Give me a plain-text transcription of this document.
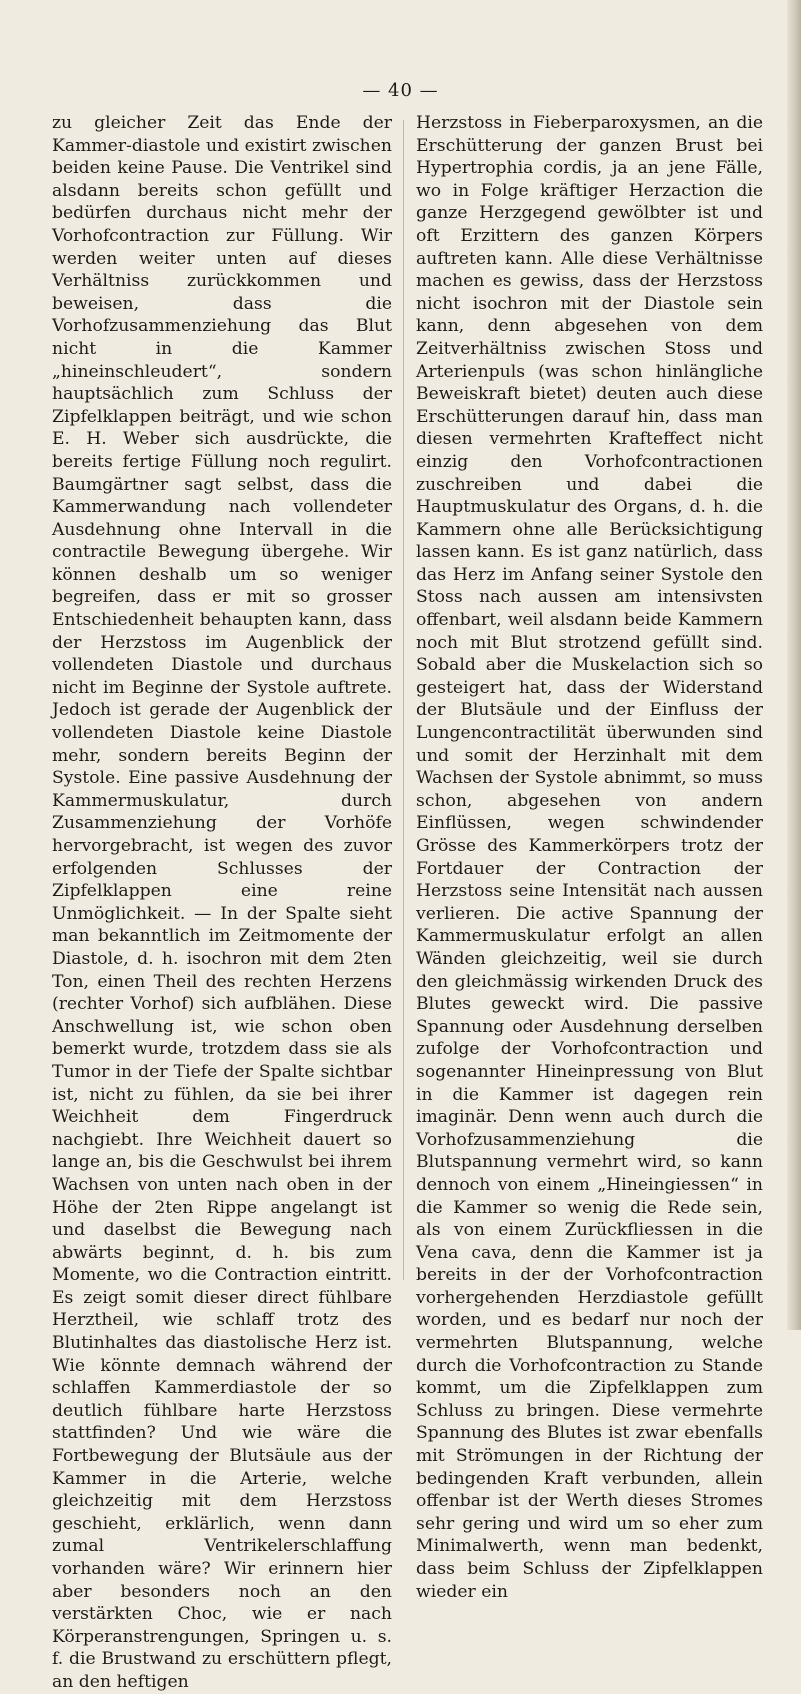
— 40 —

zu gleicher Zeit das Ende der Kammer-diastole und existirt zwischen beiden keine Pause. Die Ventrikel sind alsdann bereits schon gefüllt und bedürfen durchaus nicht mehr der Vorhofcontraction zur Füllung. Wir werden weiter unten auf dieses Verhältniss zurückkommen und beweisen, dass die Vorhofzusammenziehung das Blut nicht in die Kammer „hineinschleudert“, sondern hauptsächlich zum Schluss der Zipfelklappen beiträgt, und wie schon E. H. Weber sich ausdrückte, die bereits fertige Füllung noch regulirt. Baumgärtner sagt selbst, dass die Kammerwandung nach vollendeter Ausdehnung ohne Intervall in die contractile Bewegung übergehe. Wir können deshalb um so weniger begreifen, dass er mit so grosser Entschiedenheit behaupten kann, dass der Herzstoss im Augenblick der vollendeten Diastole und durchaus nicht im Beginne der Systole auftrete. Jedoch ist gerade der Augenblick der vollendeten Diastole keine Diastole mehr, sondern bereits Beginn der Systole. Eine passive Ausdehnung der Kammermuskulatur, durch Zusammenziehung der Vorhöfe hervorgebracht, ist wegen des zuvor erfolgenden Schlusses der Zipfelklappen eine reine Unmöglichkeit. — In der Spalte sieht man bekanntlich im Zeitmomente der Diastole, d. h. isochron mit dem 2ten Ton, einen Theil des rechten Herzens (rechter Vorhof) sich aufblähen. Diese Anschwellung ist, wie schon oben bemerkt wurde, trotzdem dass sie als Tumor in der Tiefe der Spalte sichtbar ist, nicht zu fühlen, da sie bei ihrer Weichheit dem Fingerdruck nachgiebt. Ihre Weichheit dauert so lange an, bis die Geschwulst bei ihrem Wachsen von unten nach oben in der Höhe der 2ten Rippe angelangt ist und daselbst die Bewegung nach abwärts beginnt, d. h. bis zum Momente, wo die Contraction eintritt. Es zeigt somit dieser direct fühlbare Herztheil, wie schlaff trotz des Blutinhaltes das diastolische Herz ist. Wie könnte demnach während der schlaffen Kammerdiastole der so deutlich fühlbare harte Herzstoss stattfinden? Und wie wäre die Fortbewegung der Blutsäule aus der Kammer in die Arterie, welche gleichzeitig mit dem Herzstoss geschieht, erklärlich, wenn dann zumal Ventrikelerschlaffung vorhanden wäre? Wir erinnern hier aber besonders noch an den verstärkten Choc, wie er nach Körperanstrengungen, Springen u. s. f. die Brustwand zu erschüttern pflegt, an den heftigen

Herzstoss in Fieberparoxysmen, an die Erschütterung der ganzen Brust bei Hypertrophia cordis, ja an jene Fälle, wo in Folge kräftiger Herzaction die ganze Herzgegend gewölbter ist und oft Erzittern des ganzen Körpers auftreten kann. Alle diese Verhältnisse machen es gewiss, dass der Herzstoss nicht isochron mit der Diastole sein kann, denn abgesehen von dem Zeitverhältniss zwischen Stoss und Arterienpuls (was schon hinlängliche Beweiskraft bietet) deuten auch diese Erschütterungen darauf hin, dass man diesen vermehrten Krafteffect nicht einzig den Vorhofcontractionen zuschreiben und dabei die Hauptmuskulatur des Organs, d. h. die Kammern ohne alle Berücksichtigung lassen kann. Es ist ganz natürlich, dass das Herz im Anfang seiner Systole den Stoss nach aussen am intensivsten offenbart, weil alsdann beide Kammern noch mit Blut strotzend gefüllt sind. Sobald aber die Muskelaction sich so gesteigert hat, dass der Widerstand der Blutsäule und der Einfluss der Lungencontractilität überwunden sind und somit der Herzinhalt mit dem Wachsen der Systole abnimmt, so muss schon, abgesehen von andern Einflüssen, wegen schwindender Grösse des Kammerkörpers trotz der Fortdauer der Contraction der Herzstoss seine Intensität nach aussen verlieren. Die active Spannung der Kammermuskulatur erfolgt an allen Wänden gleichzeitig, weil sie durch den gleichmässig wirkenden Druck des Blutes geweckt wird. Die passive Spannung oder Ausdehnung derselben zufolge der Vorhofcontraction und sogenannter Hineinpressung von Blut in die Kammer ist dagegen rein imaginär. Denn wenn auch durch die Vorhofzusammenziehung die Blutspannung vermehrt wird, so kann dennoch von einem „Hineingiessen“ in die Kammer so wenig die Rede sein, als von einem Zurückfliessen in die Vena cava, denn die Kammer ist ja bereits in der der Vorhofcontraction vorhergehenden Herzdiastole gefüllt worden, und es bedarf nur noch der vermehrten Blutspannung, welche durch die Vorhofcontraction zu Stande kommt, um die Zipfelklappen zum Schluss zu bringen. Diese vermehrte Spannung des Blutes ist zwar ebenfalls mit Strömungen in der Richtung der bedingenden Kraft verbunden, allein offenbar ist der Werth dieses Stromes sehr gering und wird um so eher zum Minimalwerth, wenn man bedenkt, dass beim Schluss der Zipfelklappen wieder ein
